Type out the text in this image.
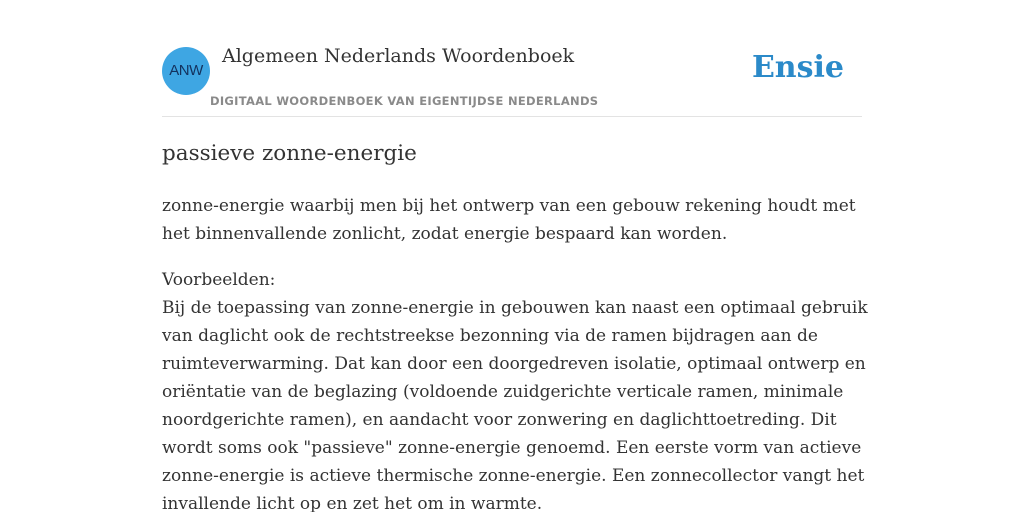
ANW
Algemeen Nederlands Woordenboek
DIGITAAL WOORDENBOEK VAN EIGENTIJDSE NEDERLANDS
Ensie
passieve zonne-energie

zonne-energie waarbij men bij het ontwerp van een gebouw rekening houdt met het binnenvallende zonlicht, zodat energie bespaard kan worden.

Voorbeelden:

Bij de toepassing van zonne-energie in gebouwen kan naast een optimaal gebruik van daglicht ook de rechtstreekse bezonning via de ramen bijdragen aan de ruimteverwarming. Dat kan door een doorgedreven isolatie, optimaal ontwerp en oriëntatie van de beglazing (voldoende zuidgerichte verticale ramen, minimale noordgerichte ramen), en aandacht voor zonwering en daglichttoetreding. Dit wordt soms ook "passieve" zonne-energie genoemd. Een eerste vorm van actieve zonne-energie is actieve thermische zonne-energie. Een zonnecollector vangt het invallende licht op en zet het om in warmte.
